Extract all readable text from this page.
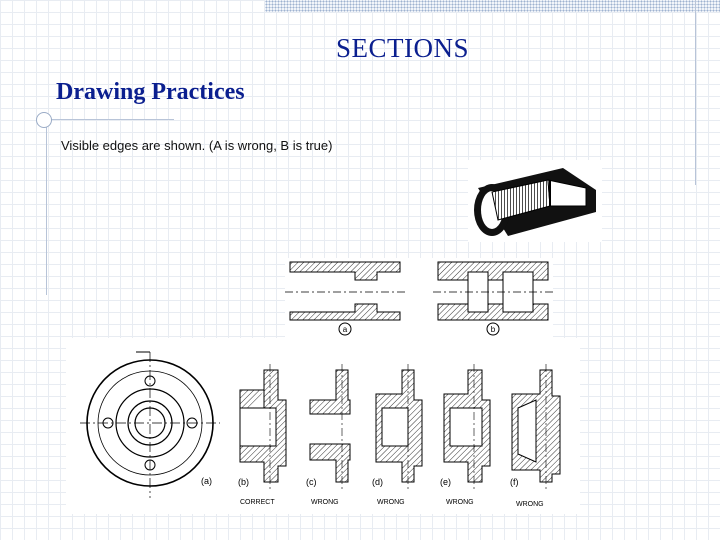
SECTIONS
Drawing Practices
Visible edges are shown. (A is wrong, B is true)
a	b
(a)	(b)	(c)	(d)	(e)	(f)
CORRECT	WRONG	WRONG	WRONG	WRONG
